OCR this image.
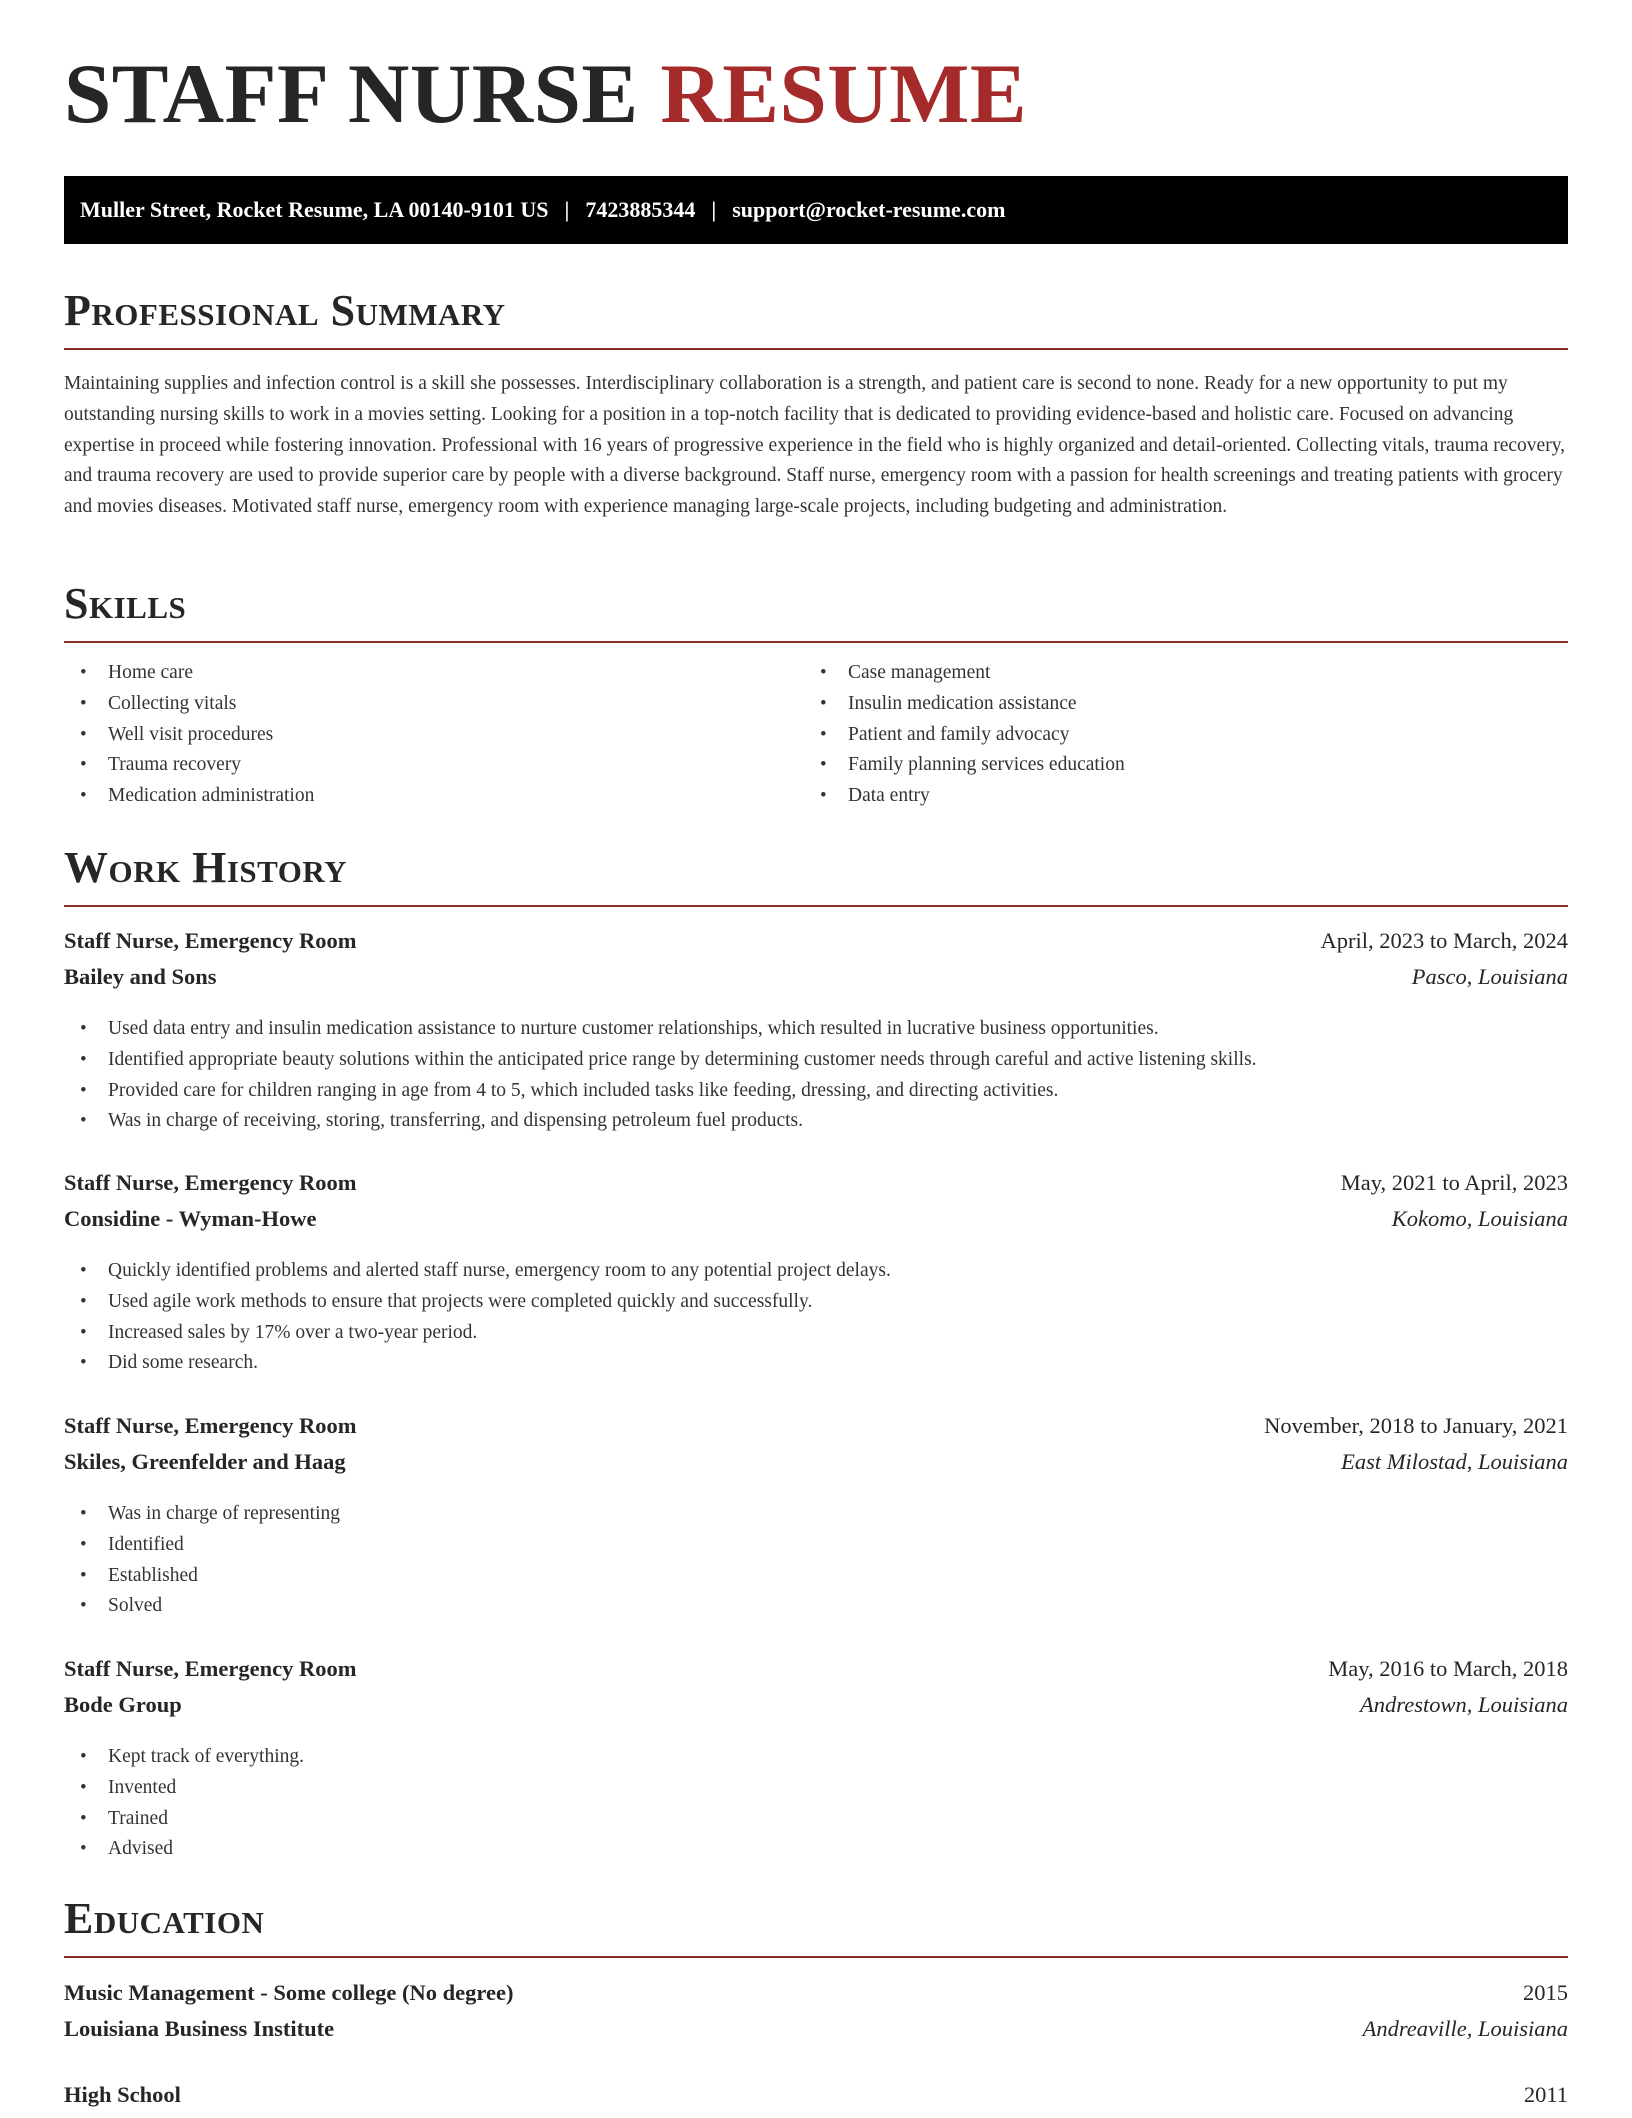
STAFF NURSE RESUME
Muller Street, Rocket Resume, LA 00140-9101 US | 7423885344 | support@rocket-resume.com
Professional Summary

Maintaining supplies and infection control is a skill she possesses. Interdisciplinary collaboration is a strength, and patient care is second to none. Ready for a new opportunity to put my outstanding nursing skills to work in a movies setting. Looking for a position in a top-notch facility that is dedicated to providing evidence-based and holistic care. Focused on advancing expertise in proceed while fostering innovation. Professional with 16 years of progressive experience in the field who is highly organized and detail-oriented. Collecting vitals, trauma recovery, and trauma recovery are used to provide superior care by people with a diverse background. Staff nurse, emergency room with a passion for health screenings and treating patients with grocery and movies diseases. Motivated staff nurse, emergency room with experience managing large-scale projects, including budgeting and administration.

Skills
• Home care
• Collecting vitals
• Well visit procedures
• Trauma recovery
• Medication administration
• Case management
• Insulin medication assistance
• Patient and family advocacy
• Family planning services education
• Data entry
Work History
Staff Nurse, Emergency Room	April, 2023 to March, 2024
Bailey and Sons	Pasco, Louisiana
• Used data entry and insulin medication assistance to nurture customer relationships, which resulted in lucrative business opportunities.
• Identified appropriate beauty solutions within the anticipated price range by determining customer needs through careful and active listening skills.
• Provided care for children ranging in age from 4 to 5, which included tasks like feeding, dressing, and directing activities.
• Was in charge of receiving, storing, transferring, and dispensing petroleum fuel products.
Staff Nurse, Emergency Room	May, 2021 to April, 2023
Considine - Wyman-Howe	Kokomo, Louisiana
• Quickly identified problems and alerted staff nurse, emergency room to any potential project delays.
• Used agile work methods to ensure that projects were completed quickly and successfully.
• Increased sales by 17% over a two-year period.
• Did some research.
Staff Nurse, Emergency Room	November, 2018 to January, 2021
Skiles, Greenfelder and Haag	East Milostad, Louisiana
• Was in charge of representing
• Identified
• Established
• Solved
Staff Nurse, Emergency Room	May, 2016 to March, 2018
Bode Group	Andrestown, Louisiana
• Kept track of everything.
• Invented
• Trained
• Advised
Education
Music Management - Some college (No degree)	2015
Louisiana Business Institute	Andreaville, Louisiana
High School	2011
